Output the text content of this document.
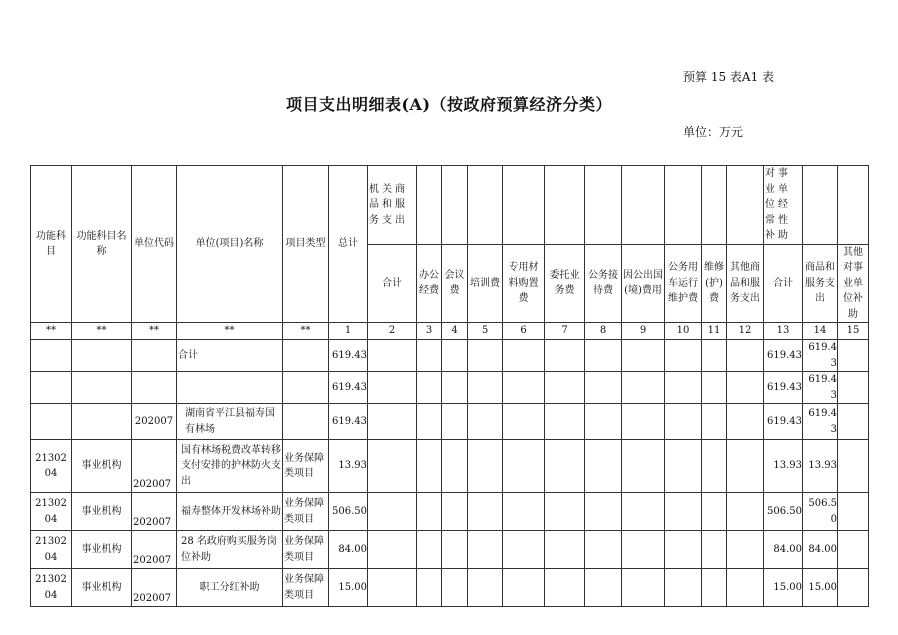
预算 15 表A1 表
项目支出明细表(A)（按政府预算经济分类）
单位：万元
功能科目	功能科目名称	单位代码	单位(项目)名称	项目类型	总计	机关商品和服务支出											对事业单位经常性补助		
						合计	办公经费	会议费	培训费	专用材料购置费	委托业务费	公务接待费	因公出国(境)费用	公务用车运行维护费	维修(护)费	其他商品和服务支出	合计	商品和服务支出	其他对事业单位补助
**	**	**	**	**	1	2	3	4	5	6	7	8	9	10	11	12	13	14	15
			合计		619.43												619.43	619.43	
					619.43												619.43	619.43	
		202007	湖南省平江县福寿国有林场		619.43												619.43	619.43	
2130204	事业机构	202007	国有林场税费改革转移支付安排的护林防火支出	业务保障类项目	13.93												13.93	13.93	
2130204	事业机构	202007	福寿整体开发林场补助	业务保障类项目	506.50												506.50	506.50	
2130204	事业机构	202007	28 名政府购买服务岗位补助	业务保障类项目	84.00												84.00	84.00	
2130204	事业机构	202007	职工分红补助	业务保障类项目	15.00												15.00	15.00	
